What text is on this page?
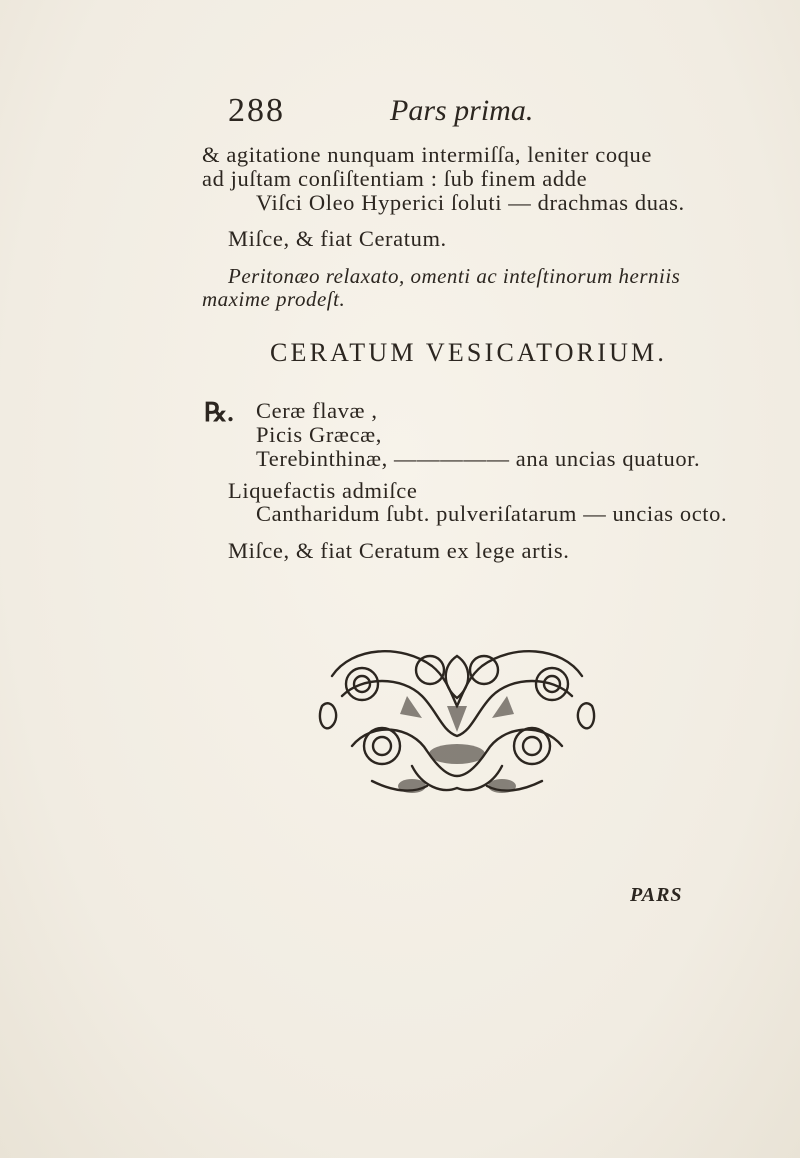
288	Pars prima.
& agitatione nunquam intermiſſa, leniter coque
ad juſtam conſiſtentiam : ſub finem adde
Viſci Oleo Hyperici ſoluti — drachmas duas.
Miſce, & fiat Ceratum.
Peritonæo relaxato, omenti ac inteſtinorum herniis
maxime prodeſt.
CERATUM VESICATORIUM.
℞. Ceræ flavæ ,
Picis Græcæ,
Terebinthinæ, ————— ana uncias quatuor.
Liquefactis admiſce
Cantharidum ſubt. pulveriſatarum — uncias octo.
Miſce, & fiat Ceratum ex lege artis.
PARS
